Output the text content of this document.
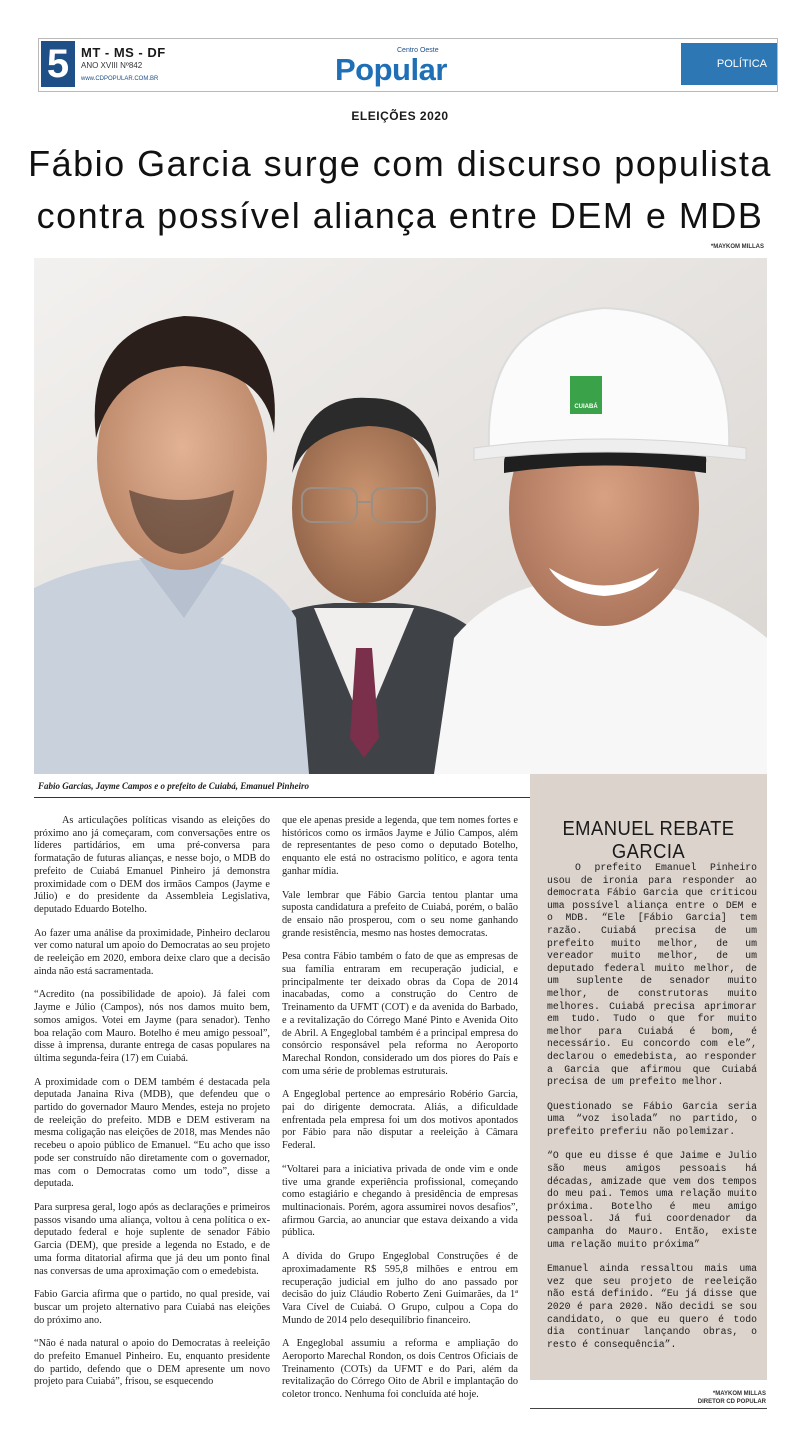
5 MT - MS - DF
ANO XVIII Nº842
www.CDPOPULAR.COM.BR
Centro Oeste
Popular	POLÍTICA
ELEIÇÕES 2020
Fábio Garcia surge com discurso populista
contra possível aliança entre DEM e MDB
*MAYKOM MILLAS
CUIABÁ
Fabio Garcias, Jayme Campos e o prefeito de Cuiabá, Emanuel Pinheiro

As articulações políticas visando as eleições do próximo ano já começaram, com conversações entre os líderes partidários, em uma pré-conversa para formatação de futuras alianças, e nesse bojo, o MDB do prefeito de Cuiabá Emanuel Pinheiro já demonstra proximidade com o DEM dos irmãos Campos (Jayme e Júlio) e do presidente da Assembleia Legislativa, deputado Eduardo Botelho.

Ao fazer uma análise da proximidade, Pinheiro declarou ver como natural um apoio do Democratas ao seu projeto de reeleição em 2020, embora deixe claro que a decisão ainda não está sacramentada.

“Acredito (na possibilidade de apoio). Já falei com Jayme e Júlio (Campos), nós nos damos muito bem, somos amigos. Votei em Jayme (para senador). Tenho boa relação com Mauro. Botelho é meu amigo pessoal”, disse à imprensa, durante entrega de casas populares na última segunda-feira (17) em Cuiabá.

A proximidade com o DEM também é destacada pela deputada Janaina Riva (MDB), que defendeu que o partido do governador Mauro Mendes, esteja no projeto de reeleição do prefeito. MDB e DEM estiveram na mesma coligação nas eleições de 2018, mas Mendes não recebeu o apoio público de Emanuel. “Eu acho que isso pode ser construído não diretamente com o governador, mas com o Democratas como um todo”, disse a deputada.

Para surpresa geral, logo após as declarações e primeiros passos visando uma aliança, voltou à cena política o ex-deputado federal e hoje suplente de senador Fábio Garcia (DEM), que preside a legenda no Estado, e de uma forma ditatorial afirma que já deu um ponto final nas conversas de uma aproximação com o emedebista.

Fabio Garcia afirma que o partido, no qual preside, vai buscar um projeto alternativo para Cuiabá nas eleições do próximo ano.

“Não é nada natural o apoio do Democratas à reeleição do prefeito Emanuel Pinheiro. Eu, enquanto presidente do partido, defendo que o DEM apresente um novo projeto para Cuiabá”, frisou, se esquecendo

que ele apenas preside a legenda, que tem nomes fortes e históricos como os irmãos Jayme e Júlio Campos, além de representantes de peso como o deputado Botelho, enquanto ele está no ostracismo político, e agora tenta ganhar mídia.

Vale lembrar que Fábio Garcia tentou plantar uma suposta candidatura a prefeito de Cuiabá, porém, o balão de ensaio não prosperou, com o seu nome ganhando grande resistência, mesmo nas hostes democratas.

Pesa contra Fábio também o fato de que as empresas de sua família entraram em recuperação judicial, e principalmente ter deixado obras da Copa de 2014 inacabadas, como a construção do Centro de Treinamento da UFMT (COT) e da avenida do Barbado, e a revitalização do Córrego Mané Pinto e Avenida Oito de Abril. A Engeglobal também é a principal empresa do consórcio responsável pela reforma no Aeroporto Marechal Rondon, considerado um dos piores do País e com uma série de problemas estruturais.

A Engeglobal pertence ao empresário Robério Garcia, pai do dirigente democrata. Aliás, a dificuldade enfrentada pela empresa foi um dos motivos apontados por Fábio para não disputar a reeleição à Câmara Federal.

“Voltarei para a iniciativa privada de onde vim e onde tive uma grande experiência profissional, começando como estagiário e chegando à presidência de empresas multinacionais. Porém, agora assumirei novos desafios”, afirmou Garcia, ao anunciar que estava deixando a vida pública.

A dívida do Grupo Engeglobal Construções é de aproximadamente R$ 595,8 milhões e entrou em recuperação judicial em julho do ano passado por decisão do juiz Cláudio Roberto Zeni Guimarães, da 1ª Vara Cível de Cuiabá. O Grupo, culpou a Copa do Mundo de 2014 pelo desequilíbrio financeiro.

A Engeglobal assumiu a reforma e ampliação do Aeroporto Marechal Rondon, os dois Centros Oficiais de Treinamento (COTs) da UFMT e do Pari, além da revitalização do Córrego Oito de Abril e implantação do coletor tronco. Nenhuma foi concluída até hoje.

EMANUEL REBATE GARCIA

O prefeito Emanuel Pinheiro usou de ironia para responder ao democrata Fábio Garcia que criticou uma possível aliança entre o DEM e o MDB. “Ele [Fábio Garcia] tem razão. Cuiabá precisa de um prefeito muito melhor, de um vereador muito melhor, de um deputado federal muito melhor, de um suplente de senador muito melhor, de construtoras muito melhores. Cuiabá precisa aprimorar em tudo. Tudo o que for muito melhor para Cuiabá é bom, é necessário. Eu concordo com ele”, declarou o emedebista, ao responder a Garcia que afirmou que Cuiabá precisa de um prefeito melhor.

Questionado se Fábio Garcia seria uma “voz isolada” no partido, o prefeito preferiu não polemizar.

“O que eu disse é que Jaime e Julio são meus amigos pessoais há décadas, amizade que vem dos tempos do meu pai. Temos uma relação muito próxima. Botelho é meu amigo pessoal. Já fui coordenador da campanha do Mauro. Então, existe uma relação muito próxima”

Emanuel ainda ressaltou mais uma vez que seu projeto de reeleição não está definido. “Eu já disse que 2020 é para 2020. Não decidi se sou candidato, o que eu quero é todo dia continuar lançando obras, o resto é consequência”.

*MAYKOM MILLAS
DIRETOR CD POPULAR
